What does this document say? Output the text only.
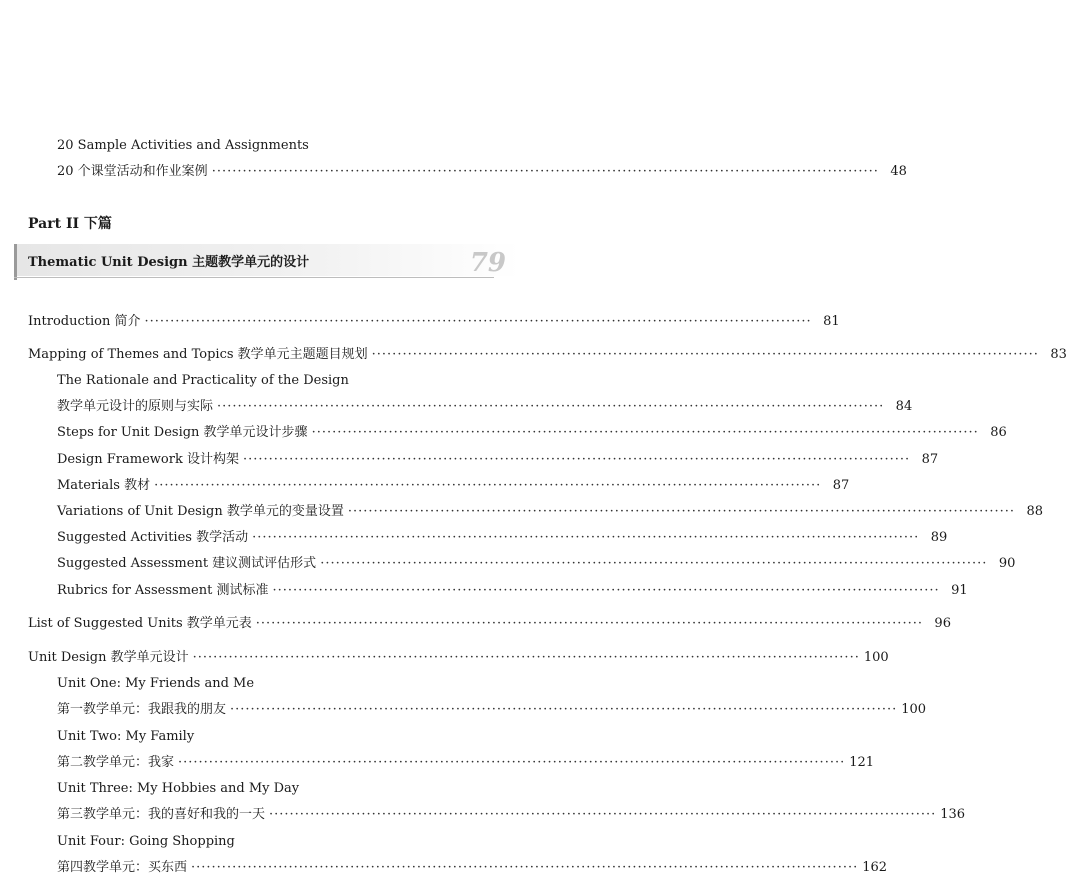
20 Sample Activities and Assignments
20 个课堂活动和作业案例 ·································································································································· 48
Part II 下篇
Thematic Unit Design 主题教学单元的设计	79
Introduction 简介 ·································································································································· 81
Mapping of Themes and Topics 教学单元主题题目规划 ·································································································································· 83
The Rationale and Practicality of the Design
教学单元设计的原则与实际 ·································································································································· 84
Steps for Unit Design 教学单元设计步骤 ·································································································································· 86
Design Framework 设计构架 ·································································································································· 87
Materials 教材 ·································································································································· 87
Variations of Unit Design 教学单元的变量设置 ·································································································································· 88
Suggested Activities 教学活动 ·································································································································· 89
Suggested Assessment 建议测试评估形式 ·································································································································· 90
Rubrics for Assessment 测试标准 ·································································································································· 91
List of Suggested Units 教学单元表 ·································································································································· 96
Unit Design 教学单元设计 ·································································································································· 100
Unit One: My Friends and Me
第一教学单元：我跟我的朋友 ·································································································································· 100
Unit Two: My Family
第二教学单元：我家 ·································································································································· 121
Unit Three: My Hobbies and My Day
第三教学单元：我的喜好和我的一天 ·································································································································· 136
Unit Four: Going Shopping
第四教学单元：买东西 ·································································································································· 162
